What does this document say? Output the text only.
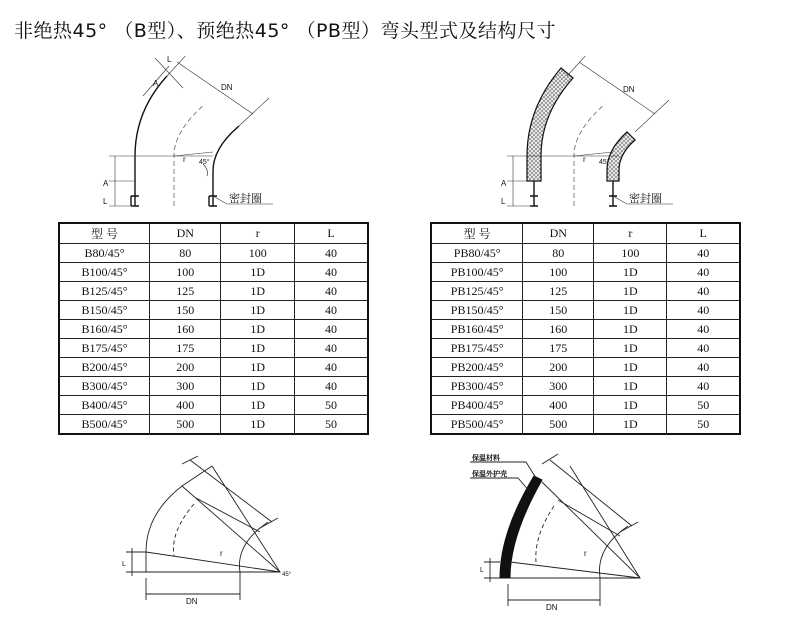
非绝热45° （B型）、预绝热45° （PB型）弯头型式及结构尺寸
A
L
DN
A
L
r 45°
密封圈
A
L
DN
r 45°
密封圈
型 号	DN	r	L
B80/45°	80	100	40
B100/45°	100	1D	40
B125/45°	125	1D	40
B150/45°	150	1D	40
B160/45°	160	1D	40
B175/45°	175	1D	40
B200/45°	200	1D	40
B300/45°	300	1D	40
B400/45°	400	1D	50
B500/45°	500	1D	50
型 号	DN	r	L
PB80/45°	80	100	40
PB100/45°	100	1D	40
PB125/45°	125	1D	40
PB150/45°	150	1D	40
PB160/45°	160	1D	40
PB175/45°	175	1D	40
PB200/45°	200	1D	40
PB300/45°	300	1D	40
PB400/45°	400	1D	50
PB500/45°	500	1D	50
DN
L
r
45°
DN
L
r
保温材料
保温外护壳
